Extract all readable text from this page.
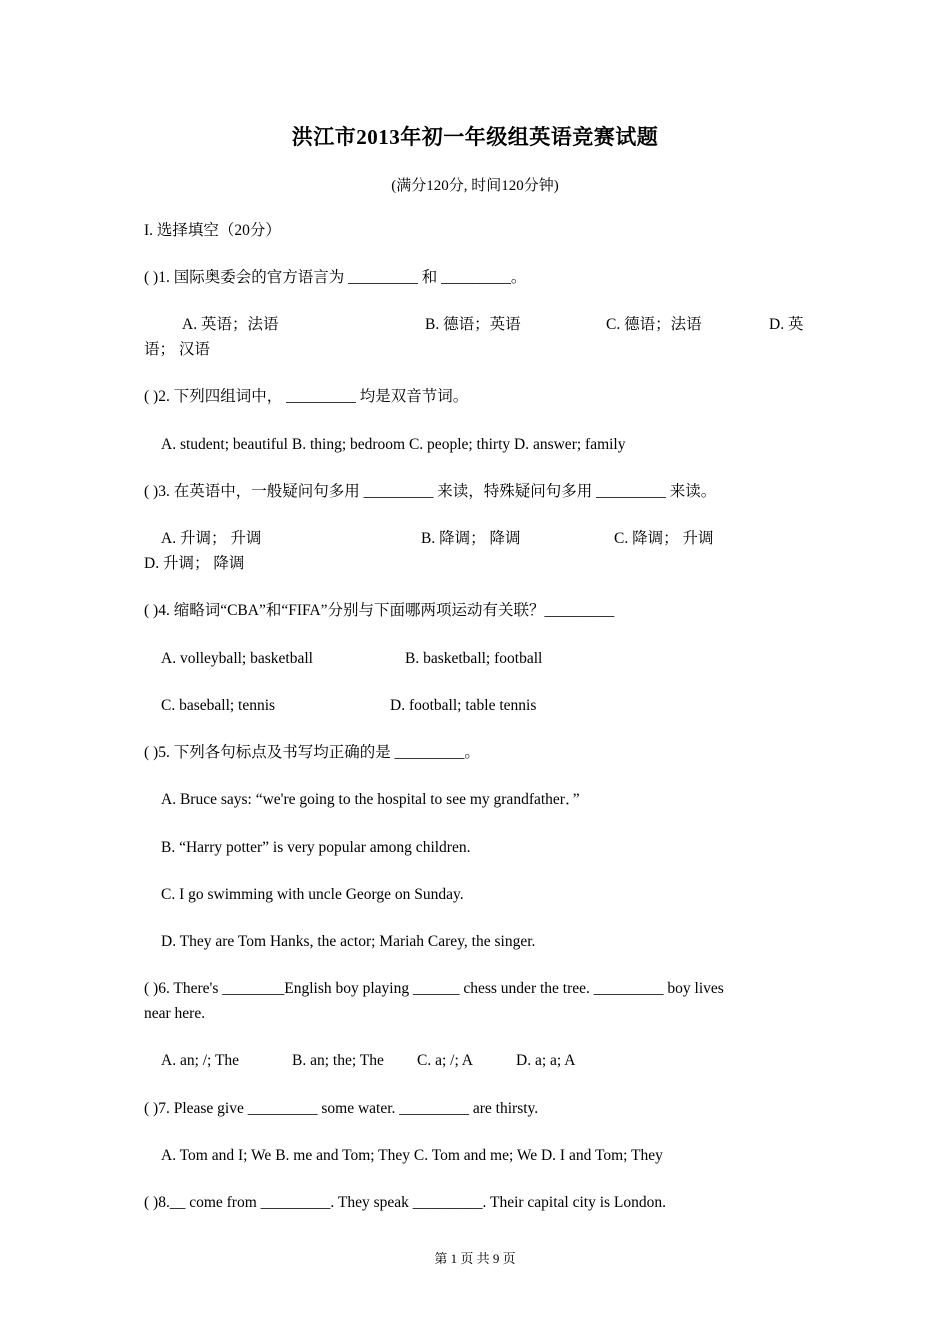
洪江市2013年初一年级组英语竞赛试题
(满分120分, 时间120分钟)
I. 选择填空（20分）
( )1. 国际奥委会的官方语言为 _________ 和 _________。
A. 英语；法语	B. 德语；英语	C. 德语；法语	D. 英
语； 汉语
( )2. 下列四组词中， _________ 均是双音节词。
A. student; beautiful B. thing; bedroom C. people; thirty D. answer; family
( )3. 在英语中，一般疑问句多用 _________ 来读，特殊疑问句多用 _________ 来读。
A. 升调； 升调	B. 降调； 降调	C. 降调； 升调
D. 升调； 降调
( )4. 缩略词“CBA”和“FIFA”分别与下面哪两项运动有关联？_________
A. volleyball; basketball	B. basketball; football
C. baseball; tennis	D. football; table tennis
( )5. 下列各句标点及书写均正确的是 _________。
A. Bruce says: “we're going to the hospital to see my grandfather．”
B. “Harry potter” is very popular among children.
C. I go swimming with uncle George on Sunday.
D. They are Tom Hanks, the actor; Mariah Carey, the singer.
( )6. There's ________English boy playing ______ chess under the tree. _________ boy lives
near here.
A. an; /; The	B. an; the; The C. a; /; A	D. a; a; A
( )7. Please give _________ some water. _________ are thirsty.
A. Tom and I; We B. me and Tom; They C. Tom and me; We D. I and Tom; They
( )8.__ come from _________. They speak _________. Their capital city is London.
第 1 页 共 9 页
